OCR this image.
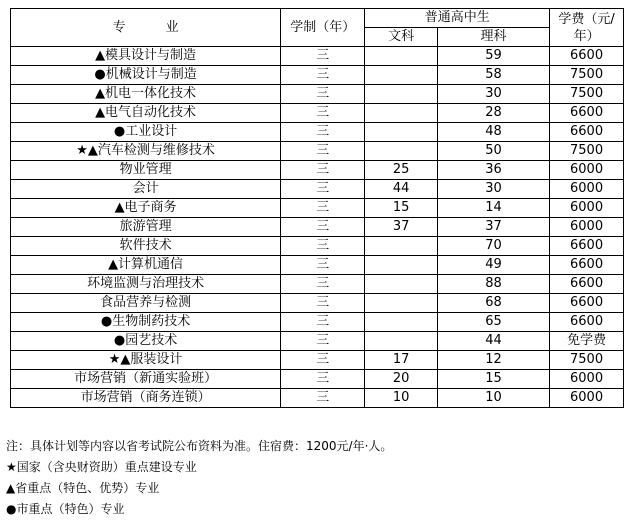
专业	学制（年）	普通高中生		学费（元/年）
		文科	理科	
▲模具设计与制造	三		59	6600
●机械设计与制造	三		58	7500
▲机电一体化技术	三		30	7500
▲电气自动化技术	三		28	6600
●工业设计	三		48	6600
★▲汽车检测与维修技术	三		50	7500
物业管理	三	25	36	6000
会计	三	44	30	6000
▲电子商务	三	15	14	6000
旅游管理	三	37	37	6000
软件技术	三		70	6600
▲计算机通信	三		49	6600
环境监测与治理技术	三		88	6600
食品营养与检测	三		68	6600
●生物制药技术	三		65	6600
●园艺技术	三		44	免学费
★▲服装设计	三	17	12	7500
市场营销（新通实验班）	三	20	15	6000
市场营销（商务连锁）	三	10	10	6000
注：具体计划等内容以省考试院公布资料为准。住宿费：1200元/年·人。
★国家（含央财资助）重点建设专业
▲省重点（特色、优势）专业
●市重点（特色）专业
